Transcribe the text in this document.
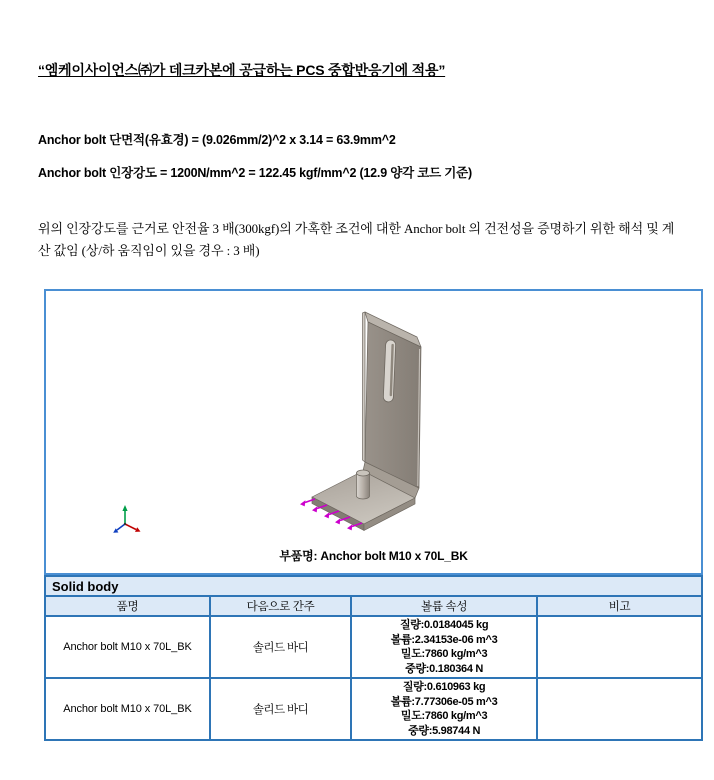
“엠케이사이언스㈜가 데크카본에 공급하는 PCS 중합반응기에 적용”
Anchor bolt 단면적(유효경) = (9.026mm/2)^2 x 3.14 = 63.9mm^2
Anchor bolt 인장강도 = 1200N/mm^2 = 122.45 kgf/mm^2 (12.9 양각 코드 기준)
위의 인장강도를 근거로 안전율 3 배(300kgf)의 가혹한 조건에 대한 Anchor bolt 의 건전성을 증명하기 위한 해석 및 계산 값임 (상/하 움직임이 있을 경우 : 3 배)
부품명: Anchor bolt M10 x 70L_BK
Solid body			
품명	다음으로 간주	볼륨 속성	비고
Anchor bolt M10 x 70L_BK	솔리드 바디	질량:0.0184045 kg
볼륨:2.34153e-06 m^3
밀도:7860 kg/m^3
중량:0.180364 N	

Anchor bolt M10 x 70L_BK	솔리드 바디	질량:0.610963 kg
볼륨:7.77306e-05 m^3
밀도:7860 kg/m^3
중량:5.98744 N	
